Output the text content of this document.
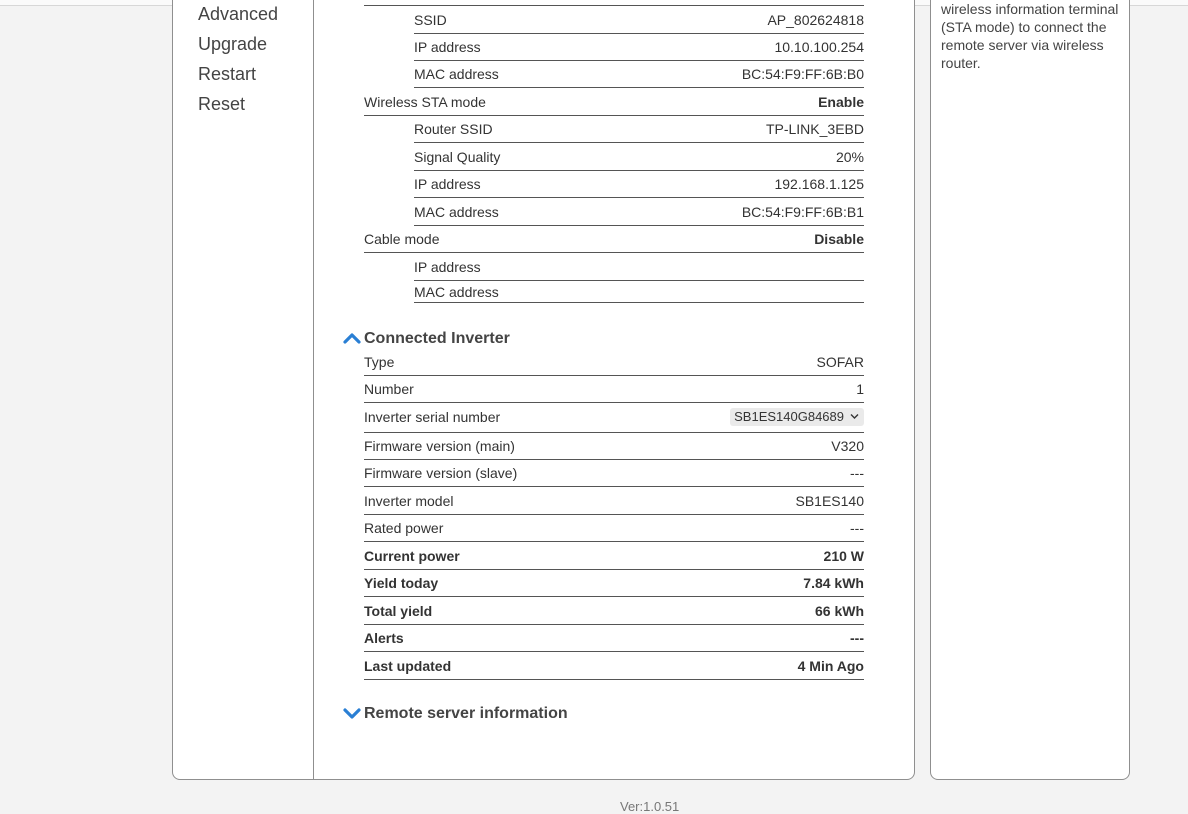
Advanced
Upgrade
Restart
Reset
wireless information terminal (STA mode) to connect the remote server via wireless router.
SSID	AP_802624818
IP address	10.10.100.254
MAC address	BC:54:F9:FF:6B:B0
Wireless STA mode	Enable
Router SSID	TP-LINK_3EBD
Signal Quality	20%
IP address	192.168.1.125
MAC address	BC:54:F9:FF:6B:B1
Cable mode	Disable
IP address
MAC address
Connected Inverter
Type	SOFAR
Number	1
Inverter serial number	SB1ES140G84689
Firmware version (main)	V320
Firmware version (slave)	---
Inverter model	SB1ES140
Rated power	---
Current power	210 W
Yield today	7.84 kWh
Total yield	66 kWh
Alerts	---
Last updated	4 Min Ago
Remote server information
Ver:1.0.51
